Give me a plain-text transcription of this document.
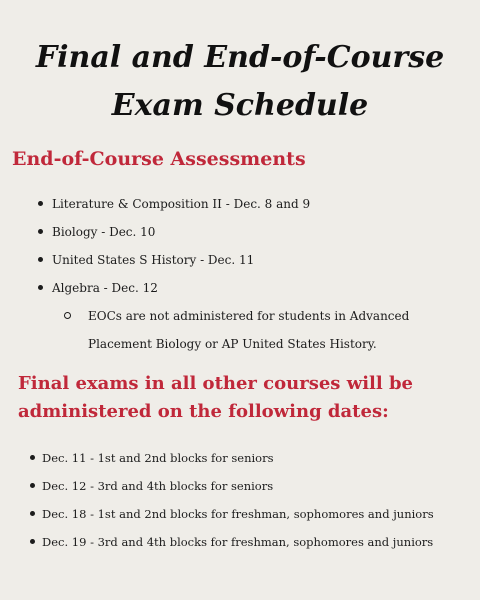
Final and End-of-Course
Exam Schedule
End-of-Course Assessments
Literature & Composition II - Dec. 8 and 9
Biology - Dec. 10
United States S History - Dec. 11
Algebra - Dec. 12
EOCs are not administered for students in Advanced Placement Biology or AP United States History.
Final exams in all other courses will be
administered on the following dates:
Dec. 11 - 1st and 2nd blocks for seniors
Dec. 12 - 3rd and 4th blocks for seniors
Dec. 18 - 1st and 2nd blocks for freshman, sophomores and juniors
Dec. 19 - 3rd and 4th blocks for freshman, sophomores and juniors
